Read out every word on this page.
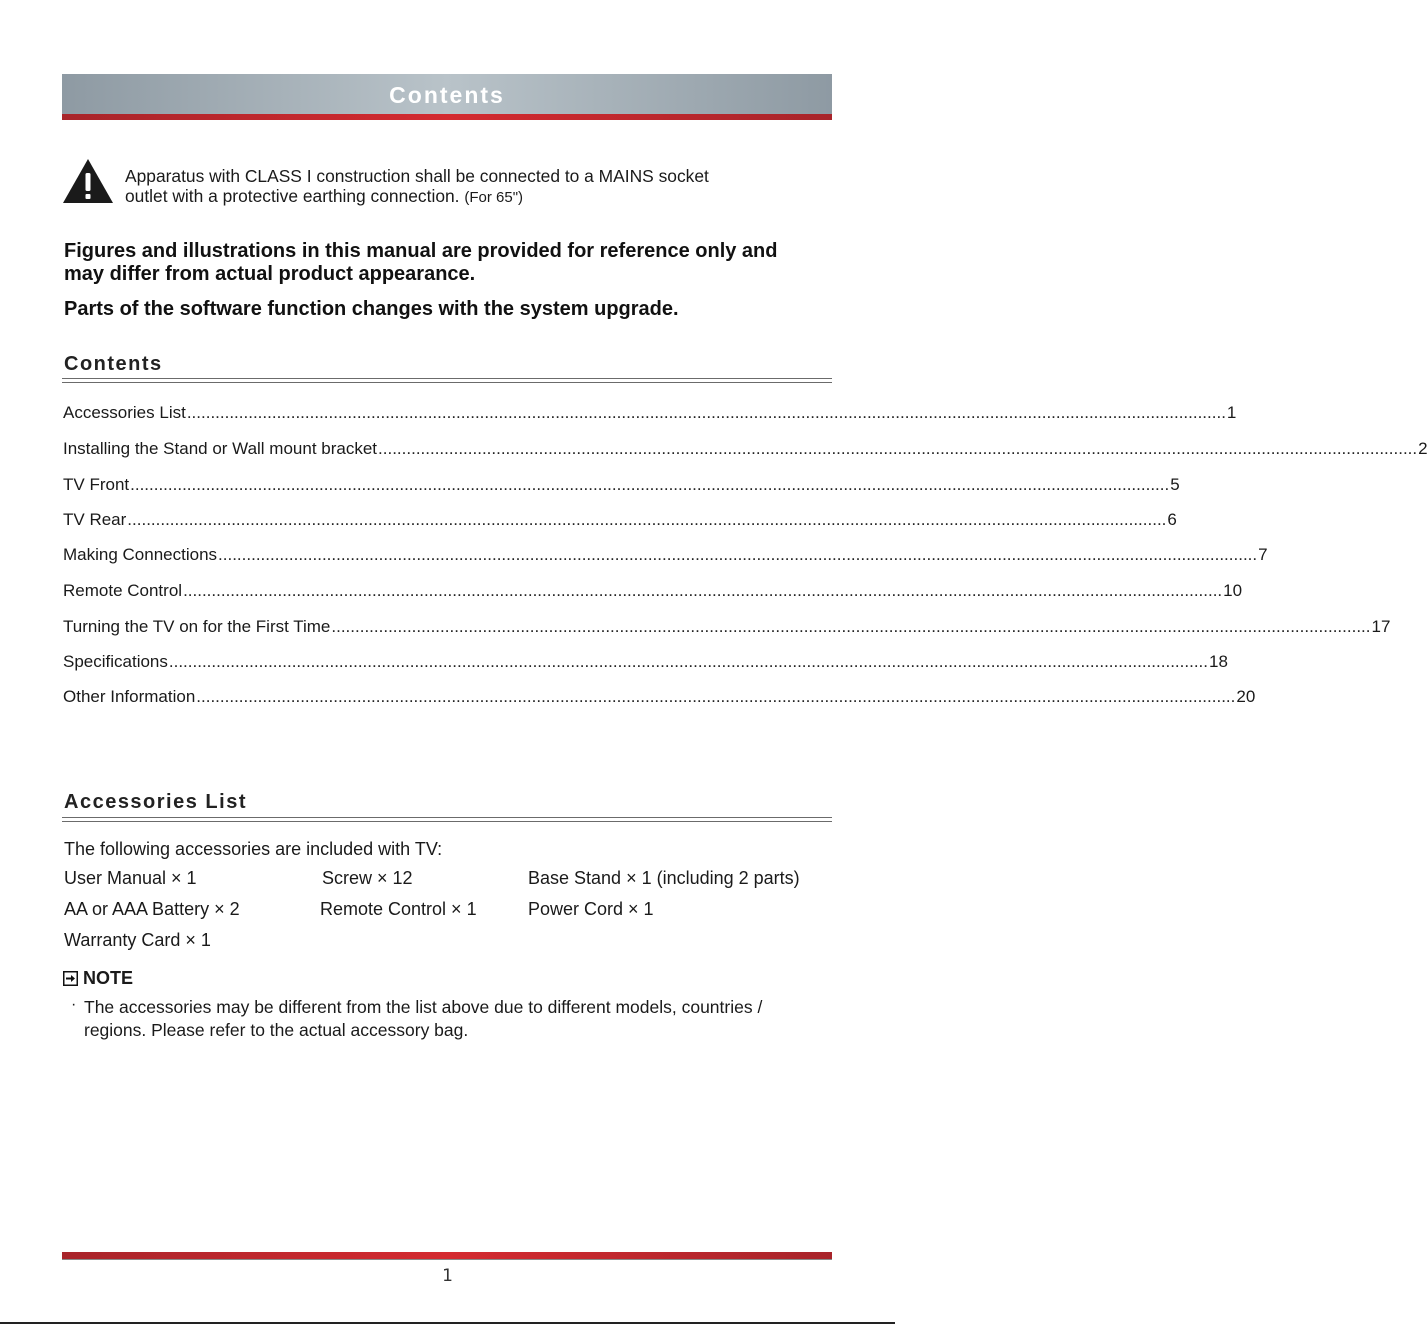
Contents
Apparatus with CLASS I construction shall be connected to a MAINS socket
outlet with a protective earthing connection. (For 65")
Figures and illustrations in this manual are provided for reference only and
may differ from actual product appearance.
Parts of the software function changes with the system upgrade.
Contents
Accessories List ............................................................................................................................................................................................................................ 1
Installing the Stand or Wall mount bracket ............................................................................................................................................................................................................................ 2
TV Front ............................................................................................................................................................................................................................ 5
TV Rear ............................................................................................................................................................................................................................ 6
Making Connections ............................................................................................................................................................................................................................ 7
Remote Control ............................................................................................................................................................................................................................ 10
Turning the TV on for the First Time ............................................................................................................................................................................................................................ 17
Specifications ............................................................................................................................................................................................................................ 18
Other Information ............................................................................................................................................................................................................................ 20
Accessories List
The following accessories are included with TV:
User Manual × 1	Screw × 12	Base Stand × 1 (including 2 parts)
AA or AAA Battery × 2	Remote Control × 1	Power Cord × 1
Warranty Card × 1
NOTE
· The accessories may be different from the list above due to different models, countries /
regions. Please refer to the actual accessory bag.
1
